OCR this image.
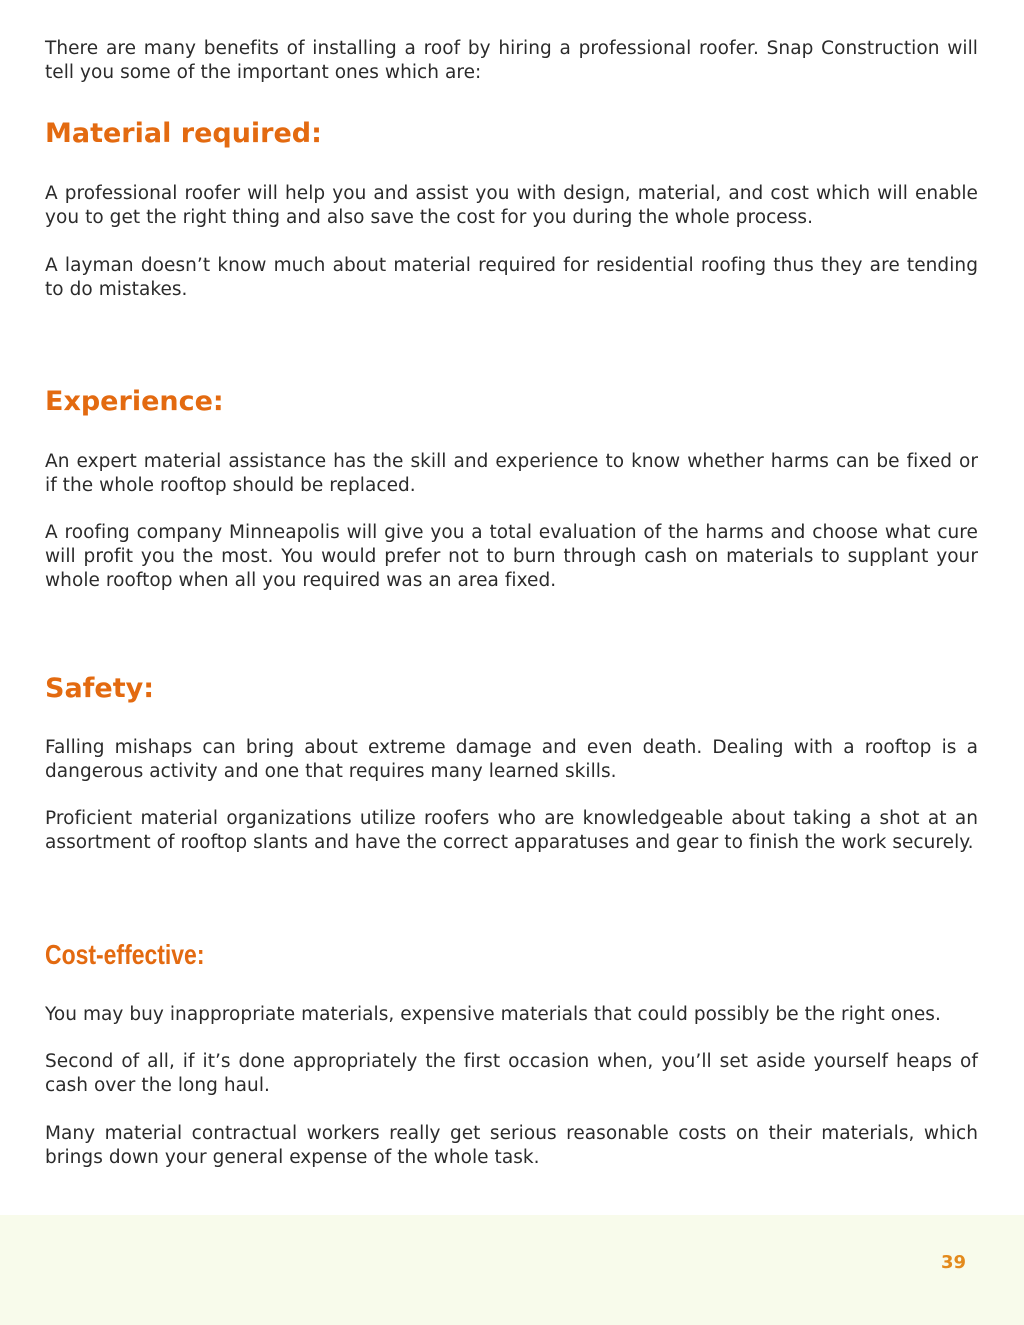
There are many benefits of installing a roof by hiring a professional roofer. Snap Construction will tell you some of the important ones which are:

Material required:

A professional roofer will help you and assist you with design, material, and cost which will enable you to get the right thing and also save the cost for you during the whole process.

A layman doesn’t know much about material required for residential roofing thus they are tending to do mistakes.

Experience:

An expert material assistance has the skill and experience to know whether harms can be fixed or if the whole rooftop should be replaced.

A roofing company Minneapolis will give you a total evaluation of the harms and choose what cure will profit you the most. You would prefer not to burn through cash on materials to supplant your whole rooftop when all you required was an area fixed.

Safety:

Falling mishaps can bring about extreme damage and even death. Dealing with a rooftop is a dangerous activity and one that requires many learned skills.

Proficient material organizations utilize roofers who are knowledgeable about taking a shot at an assortment of rooftop slants and have the correct apparatuses and gear to finish the work securely.

Cost-effective:

You may buy inappropriate materials, expensive materials that could possibly be the right ones.

Second of all, if it’s done appropriately the first occasion when, you’ll set aside yourself heaps of cash over the long haul.

Many material contractual workers really get serious reasonable costs on their materials, which brings down your general expense of the whole task.

39
